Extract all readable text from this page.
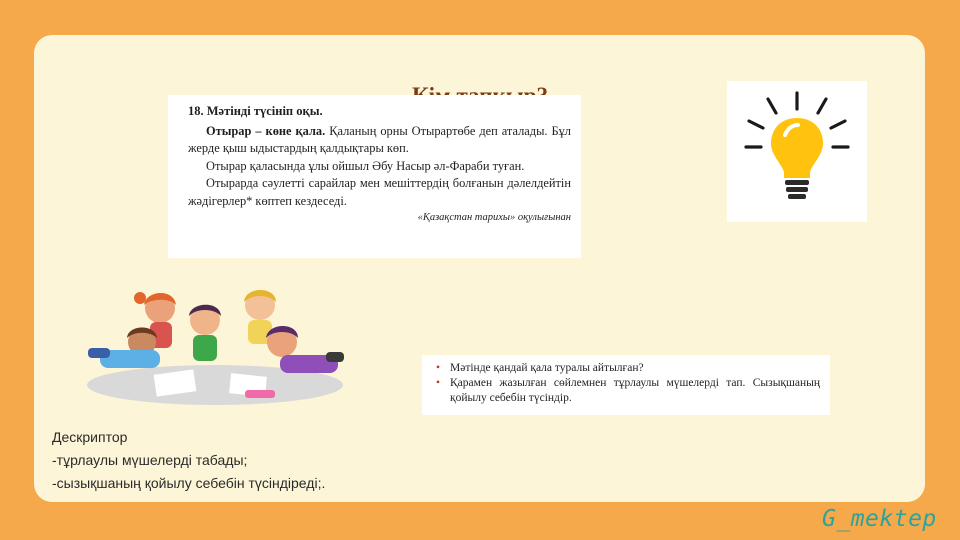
18. Мәтінді түсініп оқы.

Отырар – көне қала. Қаланың орны Отырартөбе деп аталады. Бұл жерде қыш ыдыстардың қалдықтары көп.

Отырар қаласында ұлы ойшыл Әбу Насыр әл-Фараби туған.

Отырарда сәулетті сарайлар мен мешіттердің болғанын дәлелдейтін жәдігерлер* көптеп кездеседі.

«Қазақстан тарихы» оқулығынан
• Мәтінде қандай қала туралы айтылған?
• Қарамен жазылған сөйлемнен тұрлаулы мүшелерді тап. Сызықшаның қойылу себебін түсіндір.
Дескриптор
-тұрлаулы мүшелерді табады;
-сызықшаның қойылу себебін түсіндіреді;.
G_mektep
